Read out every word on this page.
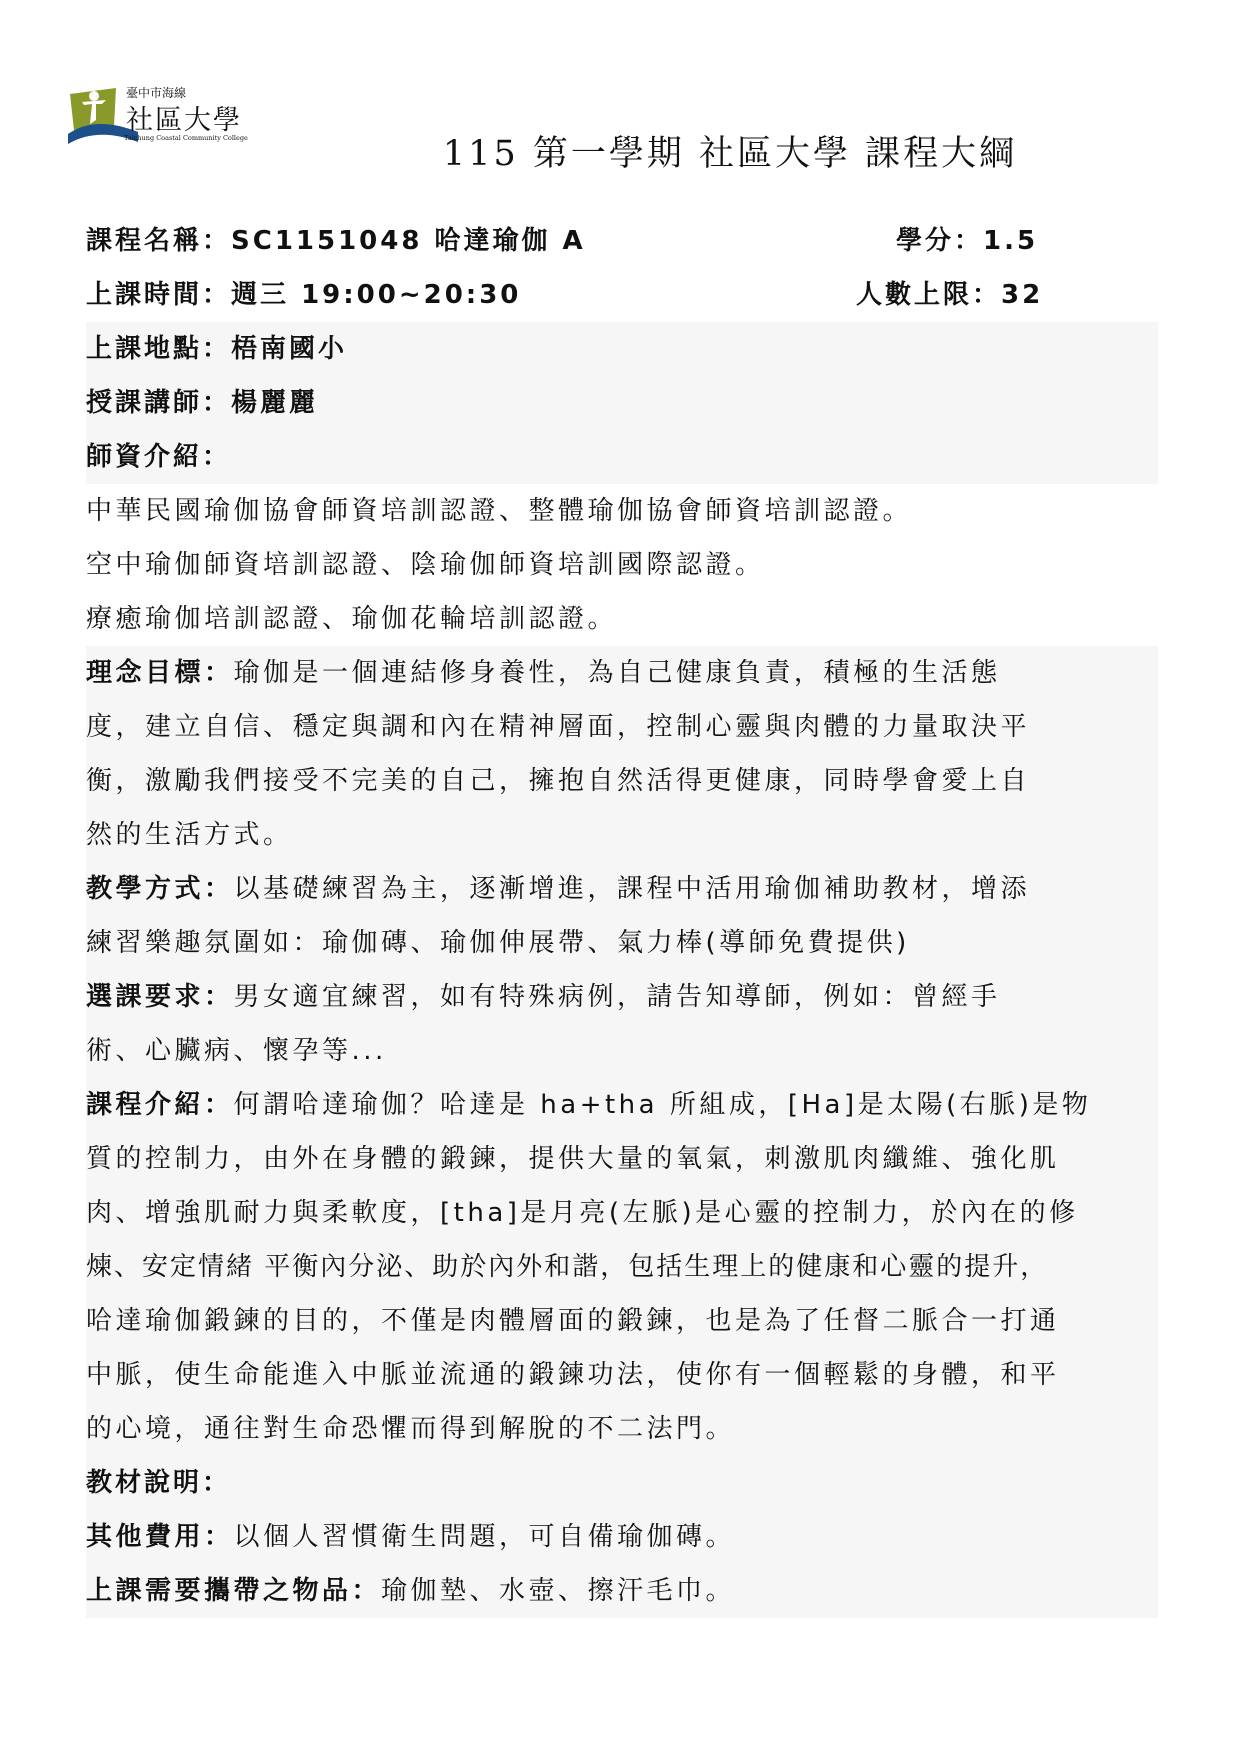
臺中市海線
社區大學
Taichung Coastal Community College	115 第一學期 社區大學 課程大綱
課程名稱：SC1151048 哈達瑜伽 A	學分：1.5
上課時間：週三 19:00~20:30	人數上限：32
上課地點：梧南國小
授課講師：楊麗麗
師資介紹：
中華民國瑜伽協會師資培訓認證、整體瑜伽協會師資培訓認證。
空中瑜伽師資培訓認證、陰瑜伽師資培訓國際認證。
療癒瑜伽培訓認證、瑜伽花輪培訓認證。
理念目標：瑜伽是一個連結修身養性，為自己健康負責，積極的生活態
度，建立自信、穩定與調和內在精神層面，控制心靈與肉體的力量取決平
衡，激勵我們接受不完美的自己，擁抱自然活得更健康，同時學會愛上自
然的生活方式。
教學方式：以基礎練習為主，逐漸增進，課程中活用瑜伽補助教材，增添
練習樂趣氛圍如：瑜伽磚、瑜伽伸展帶、氣力棒(導師免費提供)
選課要求：男女適宜練習，如有特殊病例，請告知導師，例如：曾經手
術、心臟病、懷孕等...
課程介紹：何謂哈達瑜伽？哈達是 ha+tha 所組成，[Ha]是太陽(右脈)是物
質的控制力，由外在身體的鍛鍊，提供大量的氧氣，刺激肌肉纖維、強化肌
肉、增強肌耐力與柔軟度，[tha]是月亮(左脈)是心靈的控制力，於內在的修
煉、安定情緒 平衡內分泌、助於內外和諧，包括生理上的健康和心靈的提升，
哈達瑜伽鍛鍊的目的，不僅是肉體層面的鍛鍊，也是為了任督二脈合一打通
中脈，使生命能進入中脈並流通的鍛鍊功法，使你有一個輕鬆的身體，和平
的心境，通往對生命恐懼而得到解脫的不二法門。
教材說明：
其他費用：以個人習慣衛生問題，可自備瑜伽磚。
上課需要攜帶之物品：瑜伽墊、水壺、擦汗毛巾。
